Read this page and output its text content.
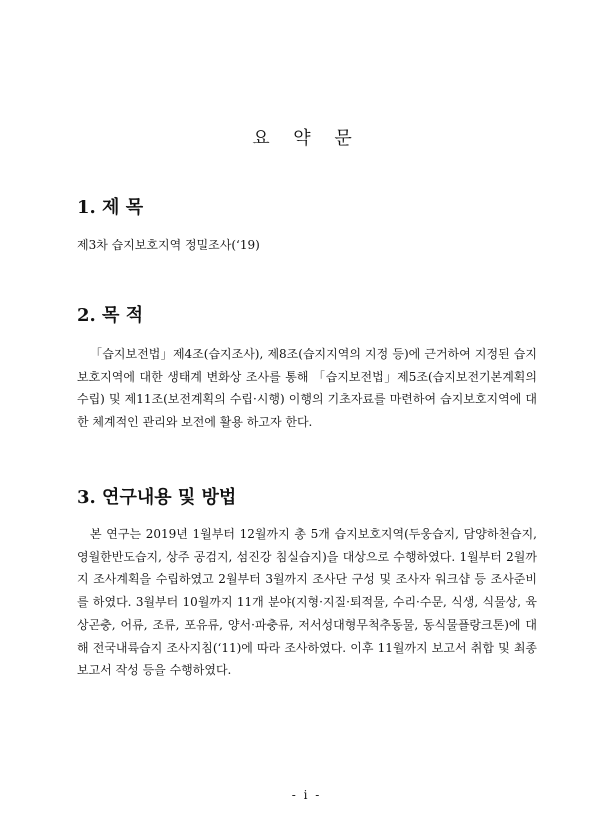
요 약 문
1. 제 목
제3차 습지보호지역 정밀조사(‘19)
2. 목 적
「습지보전법」제4조(습지조사), 제8조(습지지역의 지정 등)에 근거하여 지정된 습지보호지역에 대한 생태계 변화상 조사를 통해 「습지보전법」제5조(습지보전기본계획의 수립) 및 제11조(보전계획의 수립·시행) 이행의 기초자료를 마련하여 습지보호지역에 대한 체계적인 관리와 보전에 활용 하고자 한다.
3. 연구내용 및 방법
본 연구는 2019년 1월부터 12월까지 총 5개 습지보호지역(두웅습지, 담양하천습지, 영월한반도습지, 상주 공검지, 섬진강 침실습지)을 대상으로 수행하였다. 1월부터 2월까지 조사계획을 수립하였고 2월부터 3월까지 조사단 구성 및 조사자 워크샵 등 조사준비를 하였다. 3월부터 10월까지 11개 분야(지형·지질·퇴적물, 수리·수문, 식생, 식물상, 육상곤충, 어류, 조류, 포유류, 양서·파충류, 저서성대형무척추동물, 동식물플랑크톤)에 대해 전국내륙습지 조사지침(‘11)에 따라 조사하였다. 이후 11월까지 보고서 취합 및 최종보고서 작성 등을 수행하였다.
- i -
